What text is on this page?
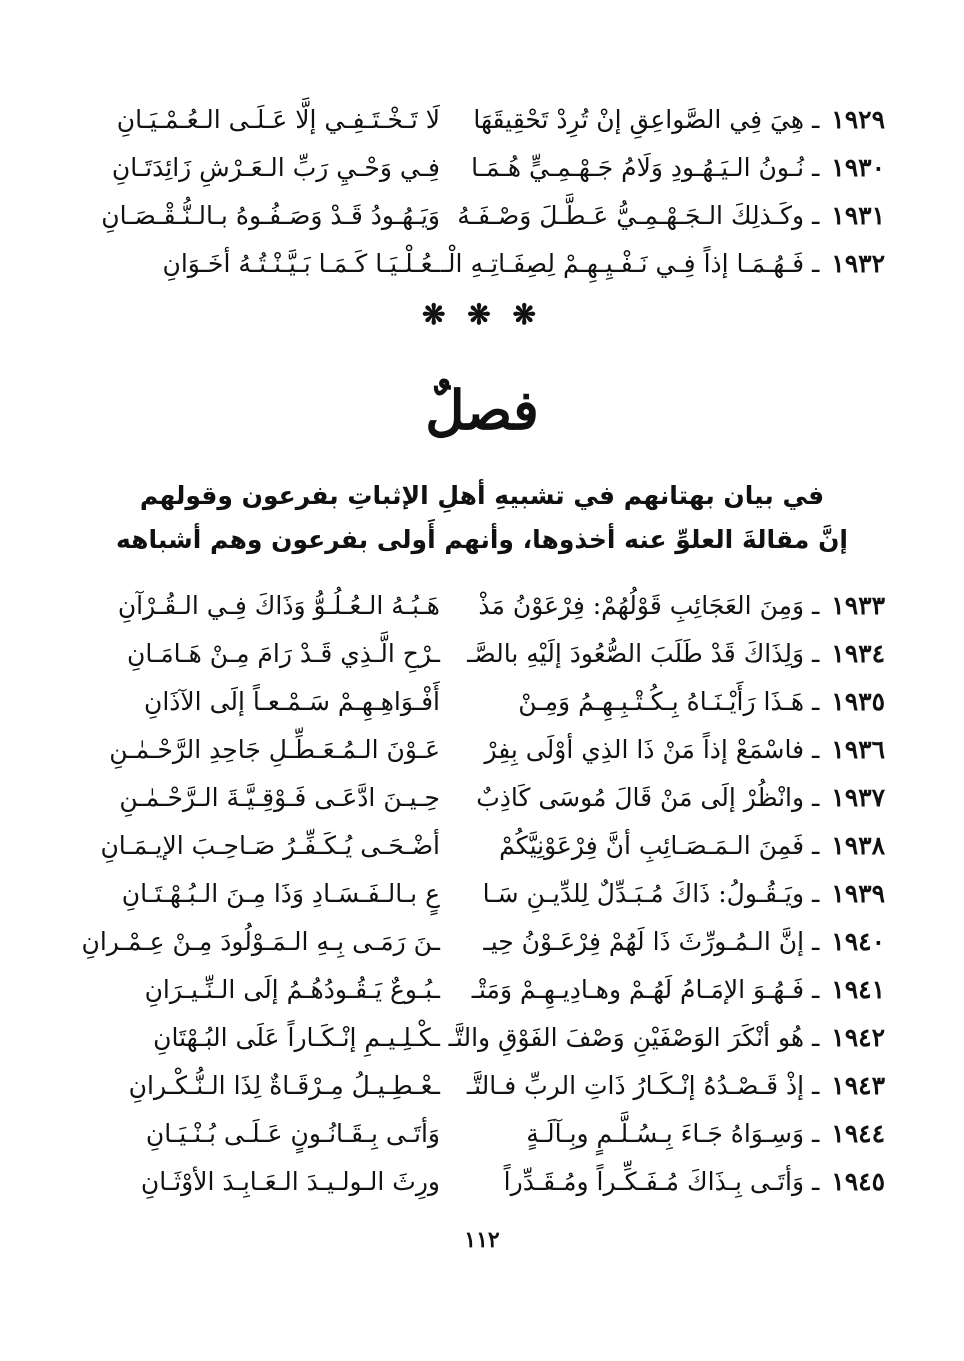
١٩٢٩ ـ هِيَ فِي الصَّواعِقِ إنْ تُرِدْ تَحْقِيقَهَا
لَا تَـخْـتَـفِـي إلَّا عَـلَـى الـعُـمْـيَـانِ
١٩٣٠ ـ نُـونُ الـيَـهُـودِ وَلَامُ جَـهْـمِـيٍّ هُـمَـا
فِـي وَحْـيِ رَبِّ الـعَـرْشِ زَائِدَتَـانِ
١٩٣١ ـ وكَـذلِكَ الـجَـهْـمِـيُّ عَـطَّـلَ وَصْـفَـهُ
وَيَـهُـودُ قَـدْ وَصَـفُـوهُ بـالـنُّـقْـصَـانِ
١٩٣٢ ـ فَـهُـمَـا إذاً فِـي نَـفْـيِـهِـمْ لِصِفَـاتِـهِ الْـ
ـعُـلْـيَـا كَـمَـا بَـيَّـنْـتُـهُ أخَـوَانِ
❋ ❋ ❋
فصلٌ
في بيان بهتانهم في تشبيهِ أهلِ الإثباتِ بفرعون وقولهم
إنَّ مقالةَ العلوِّ عنه أخذوها، وأنهم أَولى بفرعون وهم أشباهه
١٩٣٣ ـ وَمِنَ العَجَائِبِ قَوْلُهُمْ: فِرْعَوْنُ مَذْ
هَـبُـهُ الـعُـلُـوُّ وَذَاكَ فِـي الـقُـرْآنِ
١٩٣٤ ـ وَلِذَاكَ قَدْ طَلَبَ الصُّعُودَ إلَيْهِ بالصَّـ
ـرْحِ الَّـذِي قَـدْ رَامَ مِـنْ هَـامَـانِ
١٩٣٥ ـ هَـذَا رَأَيْـنَـاهُ بِـكُـتْـبِـهِـمُ وَمِـنْ
أَفْـوَاهِـهِـمْ سَـمْـعـاً إلَى الآذَانِ
١٩٣٦ ـ فاسْمَعْ إذاً مَنْ ذَا الذِي أوْلَى بِفِرْ
عَـوْنَ الـمُـعَـطِّـلِ جَاحِدِ الرَّحْـمٰـنِ
١٩٣٧ ـ وانْظُرْ إلَى مَنْ قَالَ مُوسَى كَاذِبٌ
حِـيـنَ ادَّعَـى فَـوْقِـيَّـةَ الـرَّحْـمٰـنِ
١٩٣٨ ـ فَمِنَ الـمَـصَـائِبِ أنَّ فِرْعَوْنِيَّكُمْ
أضْـحَـى يُـكَـفِّـرُ صَـاحِـبَ الإيـمَـانِ
١٩٣٩ ـ ويَـقُـولُ: ذَاكَ مُـبَـدِّلٌ لِلدِّيـنِ سَـا
عٍ بـالـفَـسَـادِ وَذَا مِـنَ الـبُـهْـتَـانِ
١٩٤٠ ـ إنَّ الـمُـورِّثَ ذَا لَهُمْ فِرْعَـوْنُ حِيـ
ـنَ رَمَـى بِـهِ الـمَـوْلُودَ مِـنْ عِـمْـرانِ
١٩٤١ ـ فَـهُـوَ الإمَـامُ لَهُـمْ وهـادِيـهِـمْ وَمَتْـ
ـبُـوعٌ يَـقُـودُهُـمُ إلَى الـنِّـيـرَانِ
١٩٤٢ ـ هُو أنْكَرَ الوَصْفَيْنِ وَصْفَ الفَوْقِ والتَّـ
ـكْـلِـيـمِ إنْـكَـاراً عَلَى البُـهْتَانِ
١٩٤٣ ـ إذْ قَـصْـدُهُ إنْـكَـارُ ذَاتِ الربِّ فـالتَّـ
ـعْـطِـيـلُ مِـرْقَـاةٌ لِذَا الـنُّـكْـرانِ
١٩٤٤ ـ وَسِـوَاهُ جَـاءَ بِـسُـلَّـمٍ وبِـآلَـةٍ
وَأتَـى بِـقَـانُـونٍ عَـلَـى بُـنْـيَـانِ
١٩٤٥ ـ وَأتَـى بِـذَاكَ مُـفَـكِّـراً ومُـقَـدِّراً
ورِثَ الـولـيـدَ الـعَـابِـدَ الأوْثَـانِ
١١٢
